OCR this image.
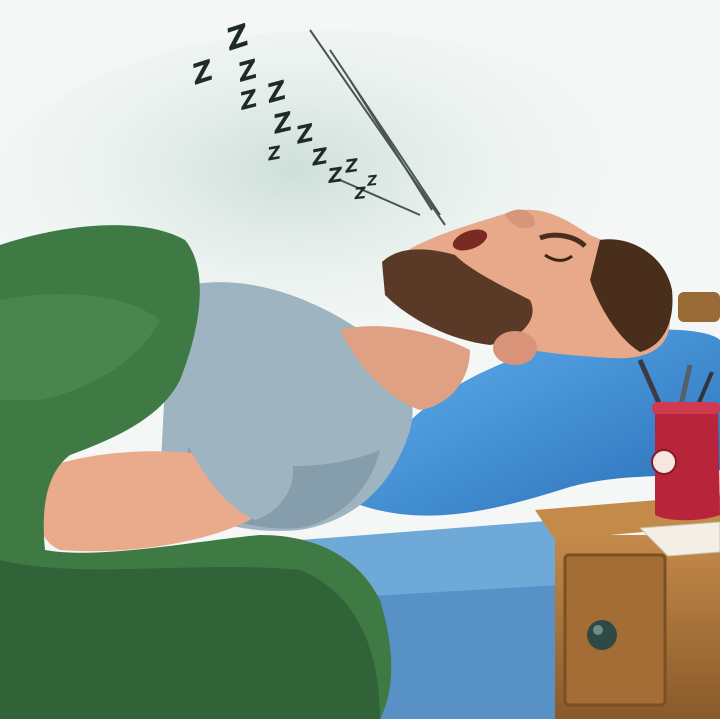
Z
Z Z
Z Z
Z Z
Z
Z Z
Z
Z
Z
